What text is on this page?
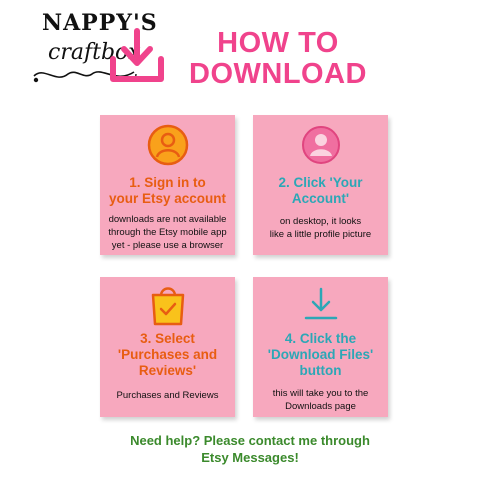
NAPPY'S
craftbox	HOW TO
DOWNLOAD
1. Sign in to
your Etsy account
downloads are not available
through the Etsy mobile app
yet - please use a browser
2. Click 'Your
Account'
on desktop, it looks
like a little profile picture
3. Select
'Purchases and
Reviews'
Purchases and Reviews
4. Click the
'Download Files'
button
this will take you to the
Downloads page
Need help? Please contact me through
Etsy Messages!
